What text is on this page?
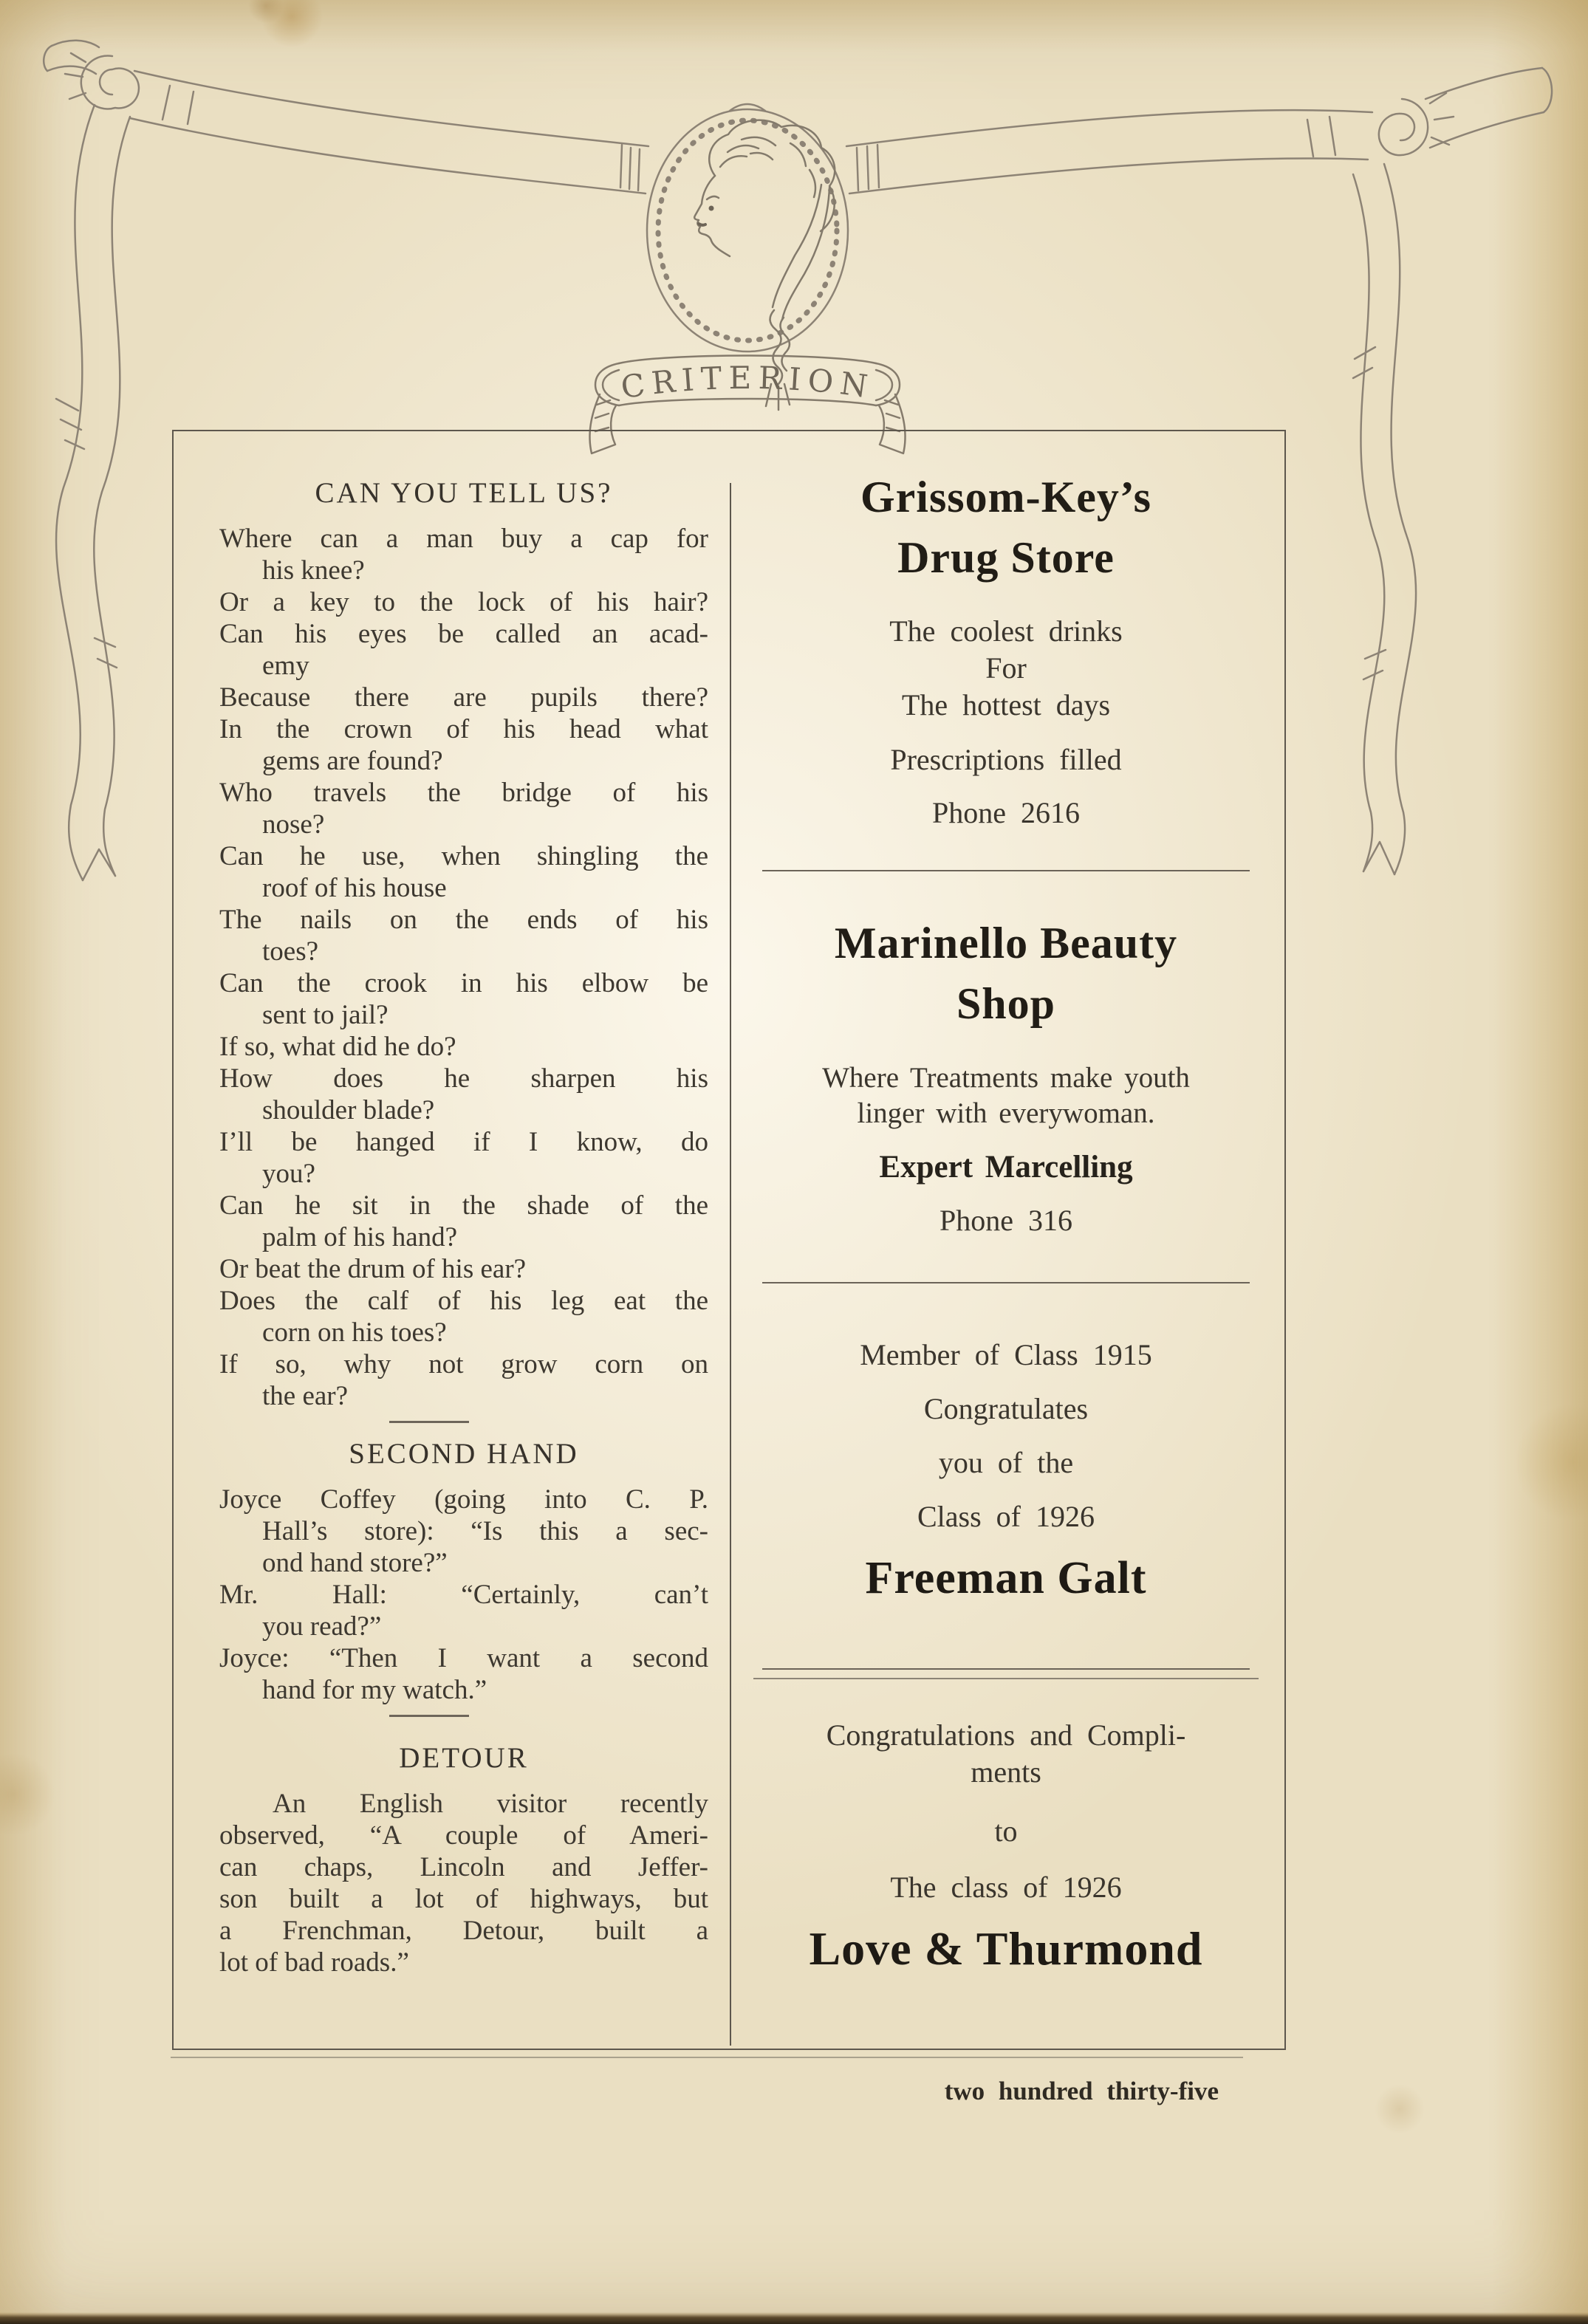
CRITERION
CAN YOU TELL US?
Where can a man buy a cap for
his knee?
Or a key to the lock of his hair?
Can his eyes be called an acad-
emy
Because there are pupils there?
In the crown of his head what
gems are found?
Who travels the bridge of his
nose?
Can he use, when shingling the
roof of his house
The nails on the ends of his
toes?
Can the crook in his elbow be
sent to jail?
If so, what did he do?
How does he sharpen his
shoulder blade?
I’ll be hanged if I know, do
you?
Can he sit in the shade of the
palm of his hand?
Or beat the drum of his ear?
Does the calf of his leg eat the
corn on his toes?
If so, why not grow corn on
the ear?
SECOND HAND
Joyce Coffey (going into C. P.
Hall’s store): “Is this a sec-
ond hand store?”
Mr. Hall: “Certainly, can’t
you read?”
Joyce: “Then I want a second
hand for my watch.”
DETOUR
An English visitor recently
observed, “A couple of Ameri-
can chaps, Lincoln and Jeffer-
son built a lot of highways, but
a Frenchman, Detour, built a
lot of bad roads.”
Grissom-Key’s
Drug Store
The coolest drinks
For
The hottest days
Prescriptions filled
Phone 2616
Marinello Beauty
Shop
Where Treatments make youth
linger with everywoman.
Expert Marcelling
Phone 316
Member of Class 1915
Congratulates
you of the
Class of 1926
Freeman Galt
Congratulations and Compli-
ments
to
The class of 1926
Love & Thurmond
two hundred thirty-five
